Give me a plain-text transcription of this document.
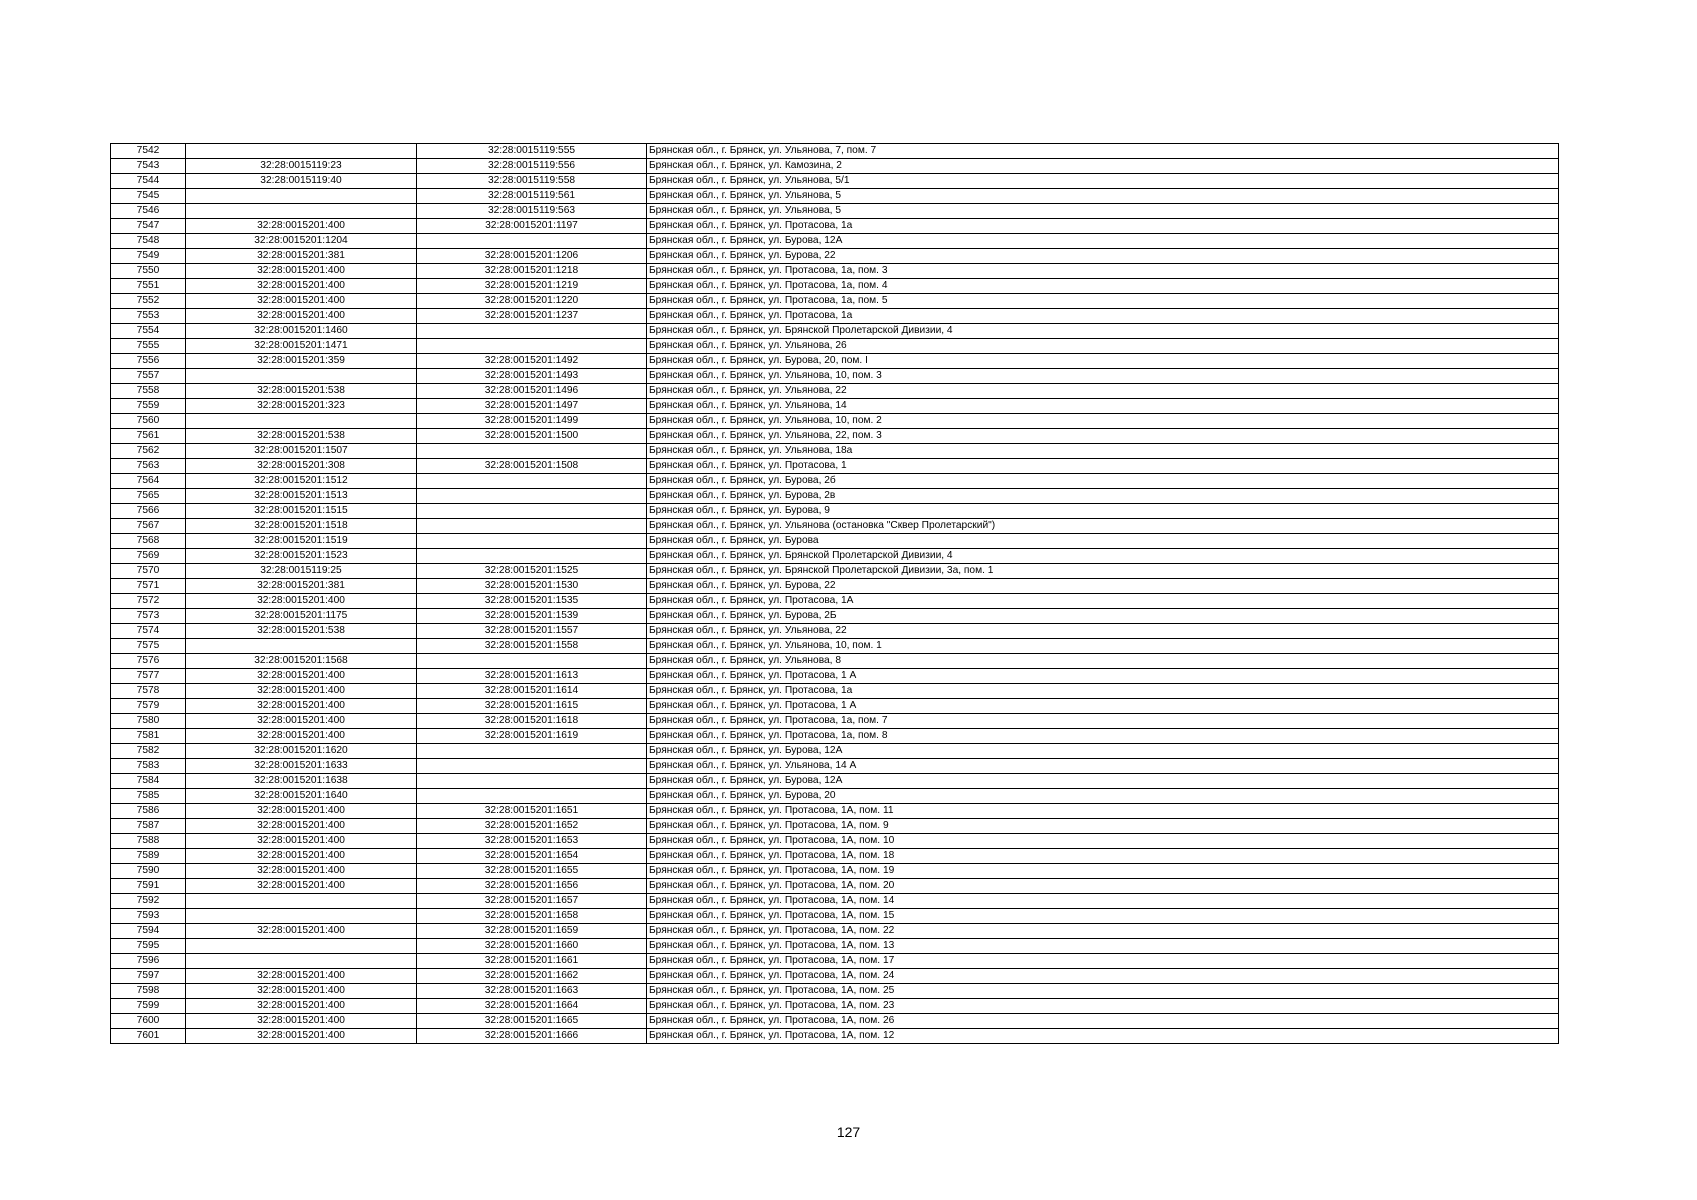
7542		32:28:0015119:555	Брянская обл., г. Брянск, ул. Ульянова, 7, пом. 7
7543	32:28:0015119:23	32:28:0015119:556	Брянская обл., г. Брянск, ул. Камозина, 2
7544	32:28:0015119:40	32:28:0015119:558	Брянская обл., г. Брянск, ул. Ульянова, 5/1
7545		32:28:0015119:561	Брянская обл., г. Брянск, ул. Ульянова, 5
7546		32:28:0015119:563	Брянская обл., г. Брянск, ул. Ульянова, 5
7547	32:28:0015201:400	32:28:0015201:1197	Брянская обл., г. Брянск, ул. Протасова, 1а
7548	32:28:0015201:1204		Брянская обл., г. Брянск, ул. Бурова, 12А
7549	32:28:0015201:381	32:28:0015201:1206	Брянская обл., г. Брянск, ул. Бурова, 22
7550	32:28:0015201:400	32:28:0015201:1218	Брянская обл., г. Брянск, ул. Протасова, 1а, пом. 3
7551	32:28:0015201:400	32:28:0015201:1219	Брянская обл., г. Брянск, ул. Протасова, 1а, пом. 4
7552	32:28:0015201:400	32:28:0015201:1220	Брянская обл., г. Брянск, ул. Протасова, 1а, пом. 5
7553	32:28:0015201:400	32:28:0015201:1237	Брянская обл., г. Брянск, ул. Протасова, 1а
7554	32:28:0015201:1460		Брянская обл., г. Брянск, ул. Брянской Пролетарской Дивизии, 4
7555	32:28:0015201:1471		Брянская обл., г. Брянск, ул. Ульянова, 26
7556	32:28:0015201:359	32:28:0015201:1492	Брянская обл., г. Брянск, ул. Бурова, 20, пом. I
7557		32:28:0015201:1493	Брянская обл., г. Брянск, ул. Ульянова, 10, пом. 3
7558	32:28:0015201:538	32:28:0015201:1496	Брянская обл., г. Брянск, ул. Ульянова, 22
7559	32:28:0015201:323	32:28:0015201:1497	Брянская обл., г. Брянск, ул. Ульянова, 14
7560		32:28:0015201:1499	Брянская обл., г. Брянск, ул. Ульянова, 10, пом. 2
7561	32:28:0015201:538	32:28:0015201:1500	Брянская обл., г. Брянск, ул. Ульянова, 22, пом. 3
7562	32:28:0015201:1507		Брянская обл., г. Брянск, ул. Ульянова, 18а
7563	32:28:0015201:308	32:28:0015201:1508	Брянская обл., г. Брянск, ул. Протасова, 1
7564	32:28:0015201:1512		Брянская обл., г. Брянск, ул. Бурова, 2б
7565	32:28:0015201:1513		Брянская обл., г. Брянск, ул. Бурова, 2в
7566	32:28:0015201:1515		Брянская обл., г. Брянск, ул. Бурова, 9
7567	32:28:0015201:1518		Брянская обл., г. Брянск, ул. Ульянова (остановка "Сквер Пролетарский")
7568	32:28:0015201:1519		Брянская обл., г. Брянск, ул. Бурова
7569	32:28:0015201:1523		Брянская обл., г. Брянск, ул. Брянской Пролетарской Дивизии, 4
7570	32:28:0015119:25	32:28:0015201:1525	Брянская обл., г. Брянск, ул. Брянской Пролетарской Дивизии, 3а, пом. 1
7571	32:28:0015201:381	32:28:0015201:1530	Брянская обл., г. Брянск, ул. Бурова, 22
7572	32:28:0015201:400	32:28:0015201:1535	Брянская обл., г. Брянск, ул. Протасова, 1А
7573	32:28:0015201:1175	32:28:0015201:1539	Брянская обл., г. Брянск, ул. Бурова, 2Б
7574	32:28:0015201:538	32:28:0015201:1557	Брянская обл., г. Брянск, ул. Ульянова, 22
7575		32:28:0015201:1558	Брянская обл., г. Брянск, ул. Ульянова, 10, пом. 1
7576	32:28:0015201:1568		Брянская обл., г. Брянск, ул. Ульянова, 8
7577	32:28:0015201:400	32:28:0015201:1613	Брянская обл., г. Брянск, ул. Протасова, 1 А
7578	32:28:0015201:400	32:28:0015201:1614	Брянская обл., г. Брянск, ул. Протасова, 1а
7579	32:28:0015201:400	32:28:0015201:1615	Брянская обл., г. Брянск, ул. Протасова, 1 А
7580	32:28:0015201:400	32:28:0015201:1618	Брянская обл., г. Брянск, ул. Протасова, 1а, пом. 7
7581	32:28:0015201:400	32:28:0015201:1619	Брянская обл., г. Брянск, ул. Протасова, 1а, пом. 8
7582	32:28:0015201:1620		Брянская обл., г. Брянск, ул. Бурова, 12А
7583	32:28:0015201:1633		Брянская обл., г. Брянск, ул. Ульянова, 14 А
7584	32:28:0015201:1638		Брянская обл., г. Брянск, ул. Бурова, 12А
7585	32:28:0015201:1640		Брянская обл., г. Брянск, ул. Бурова, 20
7586	32:28:0015201:400	32:28:0015201:1651	Брянская обл., г. Брянск, ул. Протасова, 1А, пом. 11
7587	32:28:0015201:400	32:28:0015201:1652	Брянская обл., г. Брянск, ул. Протасова, 1А, пом. 9
7588	32:28:0015201:400	32:28:0015201:1653	Брянская обл., г. Брянск, ул. Протасова, 1А, пом. 10
7589	32:28:0015201:400	32:28:0015201:1654	Брянская обл., г. Брянск, ул. Протасова, 1А, пом. 18
7590	32:28:0015201:400	32:28:0015201:1655	Брянская обл., г. Брянск, ул. Протасова, 1А, пом. 19
7591	32:28:0015201:400	32:28:0015201:1656	Брянская обл., г. Брянск, ул. Протасова, 1А, пом. 20
7592		32:28:0015201:1657	Брянская обл., г. Брянск, ул. Протасова, 1А, пом. 14
7593		32:28:0015201:1658	Брянская обл., г. Брянск, ул. Протасова, 1А, пом. 15
7594	32:28:0015201:400	32:28:0015201:1659	Брянская обл., г. Брянск, ул. Протасова, 1А, пом. 22
7595		32:28:0015201:1660	Брянская обл., г. Брянск, ул. Протасова, 1А, пом. 13
7596		32:28:0015201:1661	Брянская обл., г. Брянск, ул. Протасова, 1А, пом. 17
7597	32:28:0015201:400	32:28:0015201:1662	Брянская обл., г. Брянск, ул. Протасова, 1А, пом. 24
7598	32:28:0015201:400	32:28:0015201:1663	Брянская обл., г. Брянск, ул. Протасова, 1А, пом. 25
7599	32:28:0015201:400	32:28:0015201:1664	Брянская обл., г. Брянск, ул. Протасова, 1А, пом. 23
7600	32:28:0015201:400	32:28:0015201:1665	Брянская обл., г. Брянск, ул. Протасова, 1А, пом. 26
7601	32:28:0015201:400	32:28:0015201:1666	Брянская обл., г. Брянск, ул. Протасова, 1А, пом. 12
127
